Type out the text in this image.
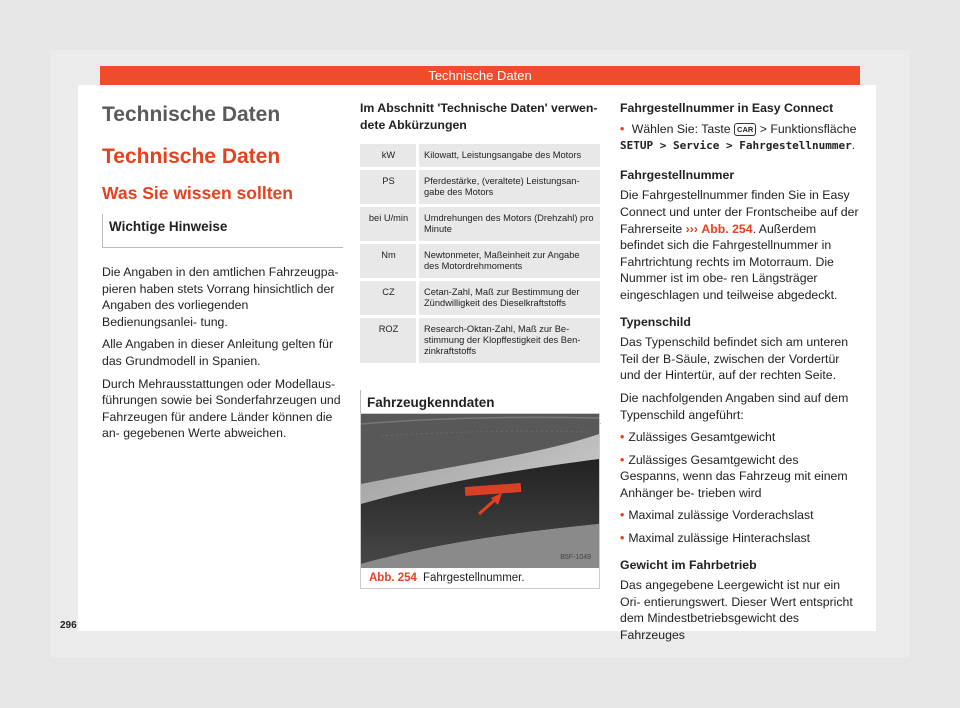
Technische Daten
Technische Daten
Technische Daten
Was Sie wissen sollten
Wichtige Hinweise

Die Angaben in den amtlichen Fahrzeugpa- pieren haben stets Vorrang hinsichtlich der Angaben des vorliegenden Bedienungsanlei- tung.

Alle Angaben in dieser Anleitung gelten für das Grundmodell in Spanien.

Durch Mehrausstattungen oder Modellaus- führungen sowie bei Sonderfahrzeugen und Fahrzeugen für andere Länder können die an- gegebenen Werte abweichen.

Im Abschnitt 'Technische Daten' verwen- dete Abkürzungen

kW		Kilowatt, Leistungsangabe des Motors
PS		Pferdestärke, (veraltete) Leistungsan- gabe des Motors
bei U/min		Umdrehungen des Motors (Drehzahl) pro Minute
Nm		Newtonmeter, Maßeinheit zur Angabe des Motordrehmoments
CZ		Cetan-Zahl, Maß zur Bestimmung der Zündwilligkeit des Dieselkraftstoffs
ROZ		Research-Oktan-Zahl, Maß zur Be- stimmung der Klopffestigkeit des Ben- zinkraftstoffs
Fahrzeugkenndaten
B5F-1049
Abb. 254 Fahrgestellnummer.

Fahrgestellnummer in Easy Connect

• Wählen Sie: Taste CAR > Funktionsfläche SETUP > Service > Fahrgestellnummer.

Fahrgestellnummer

Die Fahrgestellnummer finden Sie in Easy Connect und unter der Frontscheibe auf der Fahrerseite ››› Abb. 254. Außerdem befindet sich die Fahrgestellnummer in Fahrtrichtung rechts im Motorraum. Die Nummer ist im obe- ren Längsträger eingeschlagen und teilweise abgedeckt.

Typenschild

Das Typenschild befindet sich am unteren Teil der B-Säule, zwischen der Vordertür und der Hintertür, auf der rechten Seite.

Die nachfolgenden Angaben sind auf dem Typenschild angeführt:

• Zulässiges Gesamtgewicht

• Zulässiges Gesamtgewicht des Gespanns, wenn das Fahrzeug mit einem Anhänger be- trieben wird

• Maximal zulässige Vorderachslast

• Maximal zulässige Hinterachslast

Gewicht im Fahrbetrieb

Das angegebene Leergewicht ist nur ein Ori- entierungswert. Dieser Wert entspricht dem Mindestbetriebsgewicht des Fahrzeuges

296
